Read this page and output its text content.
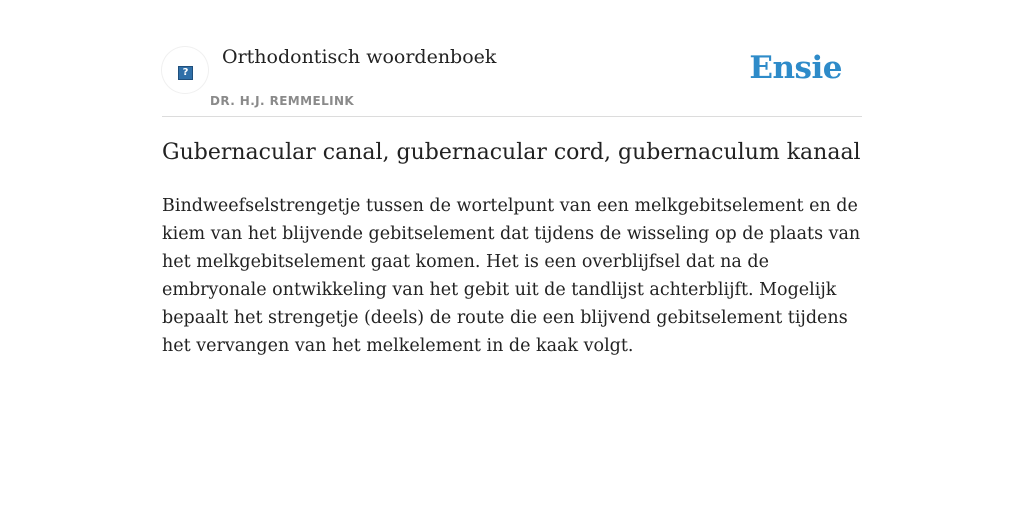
?
Orthodontisch woordenboek
DR. H.J. REMMELINK
Ensie
Gubernacular canal, gubernacular cord, gubernaculum kanaal

Bindweefselstrengetje tussen de wortelpunt van een melkgebitselement en de kiem van het blijvende gebitselement dat tijdens de wisseling op de plaats van het melkgebitselement gaat komen. Het is een overblijfsel dat na de embryonale ontwikkeling van het gebit uit de tandlijst achterblijft. Mogelijk bepaalt het strengetje (deels) de route die een blijvend gebitselement tijdens het vervangen van het melkelement in de kaak volgt.
